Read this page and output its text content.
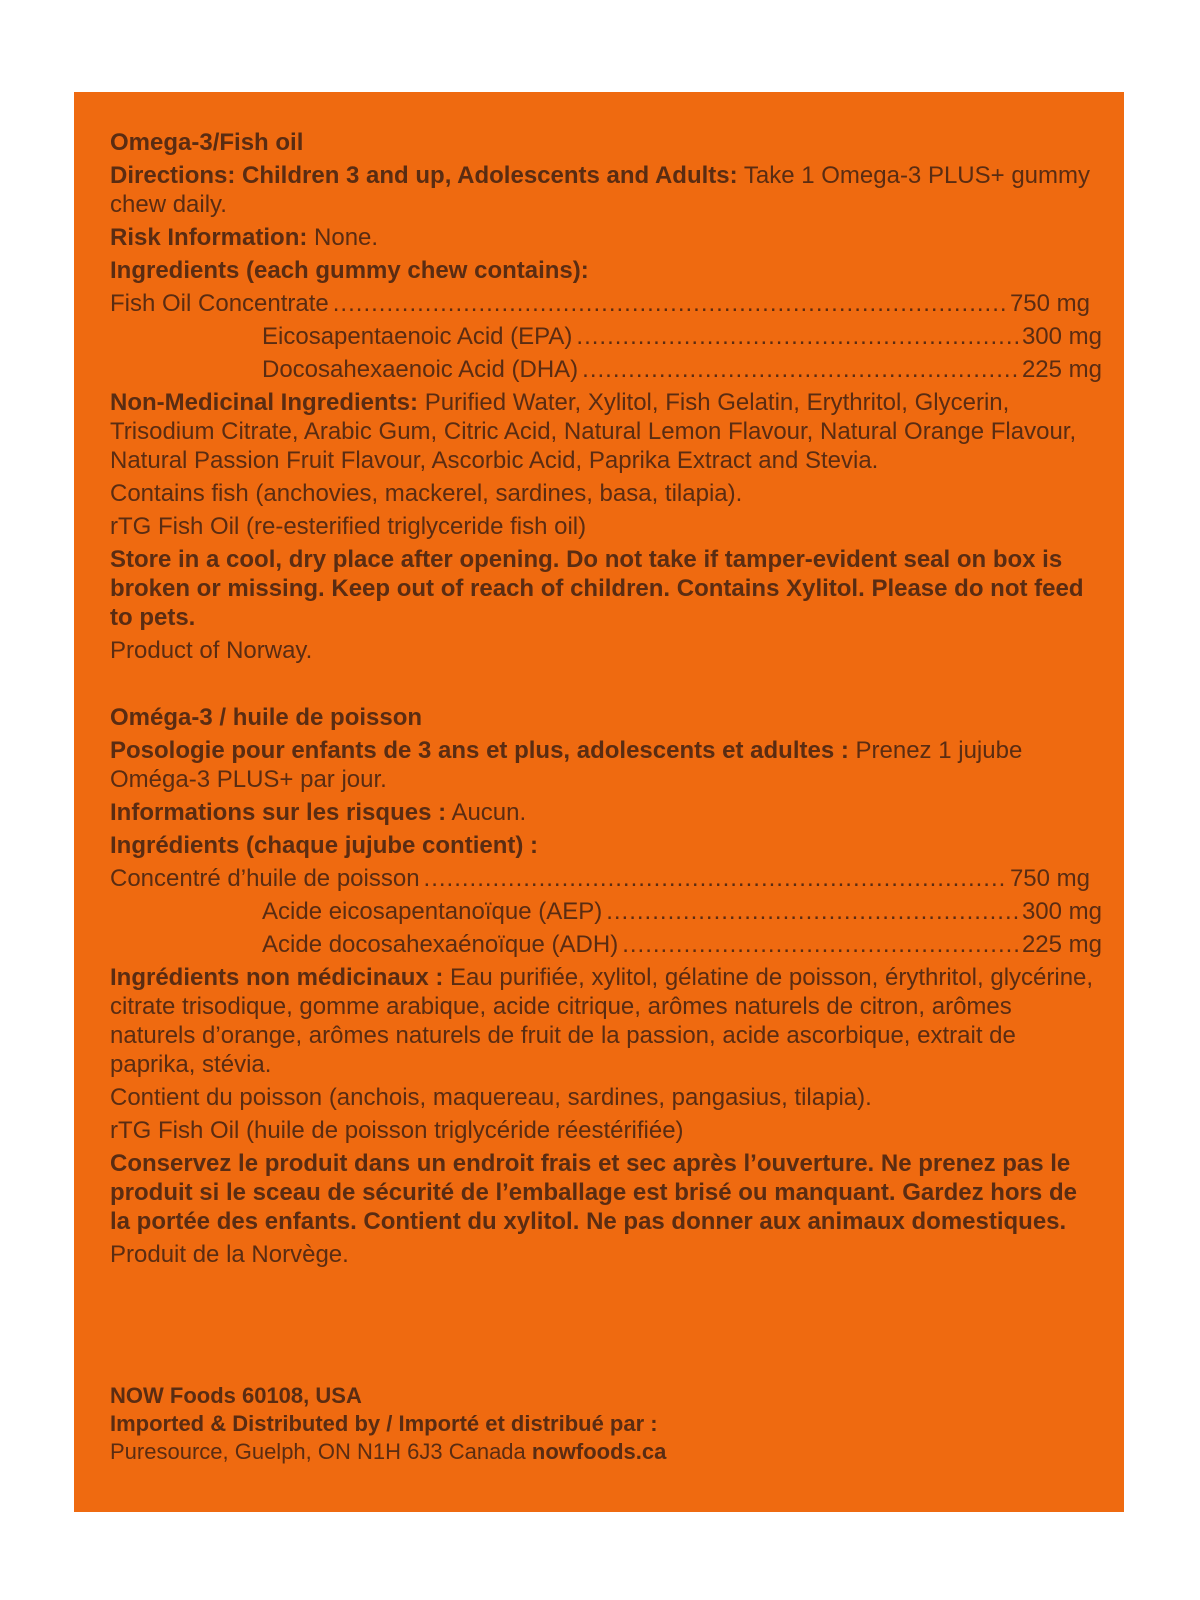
Omega-3/Fish oil
Directions: Children 3 and up, Adolescents and Adults: Take 1 Omega-3 PLUS+ gummy chew daily.
Risk Information: None.
Ingredients (each gummy chew contains):
Fish Oil Concentrate .....	750 mg
Eicosapentaenoic Acid (EPA) .....	300 mg
Docosahexaenoic Acid (DHA) .....	225 mg
Non-Medicinal Ingredients: Purified Water, Xylitol, Fish Gelatin, Erythritol, Glycerin, Trisodium Citrate, Arabic Gum, Citric Acid, Natural Lemon Flavour, Natural Orange Flavour, Natural Passion Fruit Flavour, Ascorbic Acid, Paprika Extract and Stevia.
Contains fish (anchovies, mackerel, sardines, basa, tilapia).
rTG Fish Oil (re-esterified triglyceride fish oil)
Store in a cool, dry place after opening. Do not take if tamper-evident seal on box is broken or missing. Keep out of reach of children. Contains Xylitol. Please do not feed to pets.
Product of Norway.
Oméga-3 / huile de poisson
Posologie pour enfants de 3 ans et plus, adolescents et adultes : Prenez 1 jujube Oméga-3 PLUS+ par jour.
Informations sur les risques : Aucun.
Ingrédients (chaque jujube contient) :
Concentré d’huile de poisson .....	750 mg
Acide eicosapentanoïque (AEP) .....	300 mg
Acide docosahexaénoïque (ADH) .....	225 mg
Ingrédients non médicinaux : Eau purifiée, xylitol, gélatine de poisson, érythritol, glycérine, citrate trisodique, gomme arabique, acide citrique, arômes naturels de citron, arômes naturels d’orange, arômes naturels de fruit de la passion, acide ascorbique, extrait de paprika, stévia.
Contient du poisson (anchois, maquereau, sardines, pangasius, tilapia).
rTG Fish Oil (huile de poisson triglycéride réestérifiée)
Conservez le produit dans un endroit frais et sec après l’ouverture. Ne prenez pas le produit si le sceau de sécurité de l’emballage est brisé ou manquant. Gardez hors de la portée des enfants. Contient du xylitol. Ne pas donner aux animaux domestiques.
Produit de la Norvège.
NOW Foods 60108, USA
Imported & Distributed by / Importé et distribué par :
Puresource, Guelph, ON N1H 6J3 Canada nowfoods.ca
